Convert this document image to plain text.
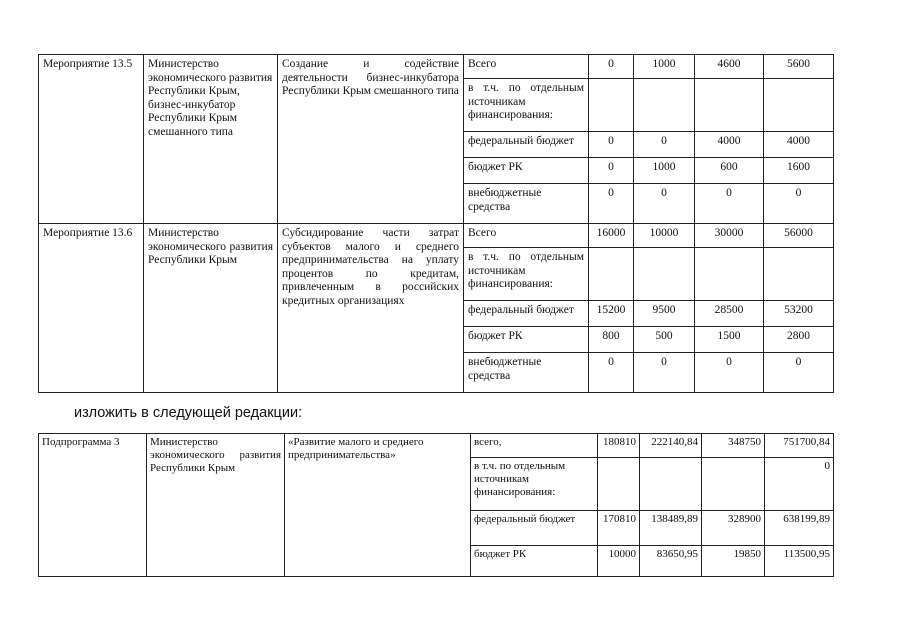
Мероприятие 13.5	Министерство экономического развития Республики Крым, бизнес-инкубатор Республики Крым смешанного типа	Создание и содействие деятельности бизнес-инкубатора Республики Крым смешанного типа	Всего	0	1000	4600	5600
			в т.ч. по отдельным источникам финансирования:				
			федеральный бюджет	0	0	4000	4000
			бюджет РК	0	1000	600	1600
			внебюджетные средства	0	0	0	0
Мероприятие 13.6	Министерство экономического развития Республики Крым	Субсидирование части затрат субъектов малого и среднего предпринимательства на уплату процентов по кредитам, привлеченным в российских кредитных организациях	Всего	16000	10000	30000	56000
			в т.ч. по отдельным источникам финансирования:				
			федеральный бюджет	15200	9500	28500	53200
			бюджет РК	800	500	1500	2800
			внебюджетные средства	0	0	0	0
изложить в следующей редакции:
Подпрограмма 3	Министерство экономического развития Республики Крым	«Развитие малого и среднего предпринимательства»	всего,	180810	222140,84	348750	751700,84
			в т.ч. по отдельным источникам финансирования:				0
			федеральный бюджет	170810	138489,89	328900	638199,89
			бюджет РК	10000	83650,95	19850	113500,95
